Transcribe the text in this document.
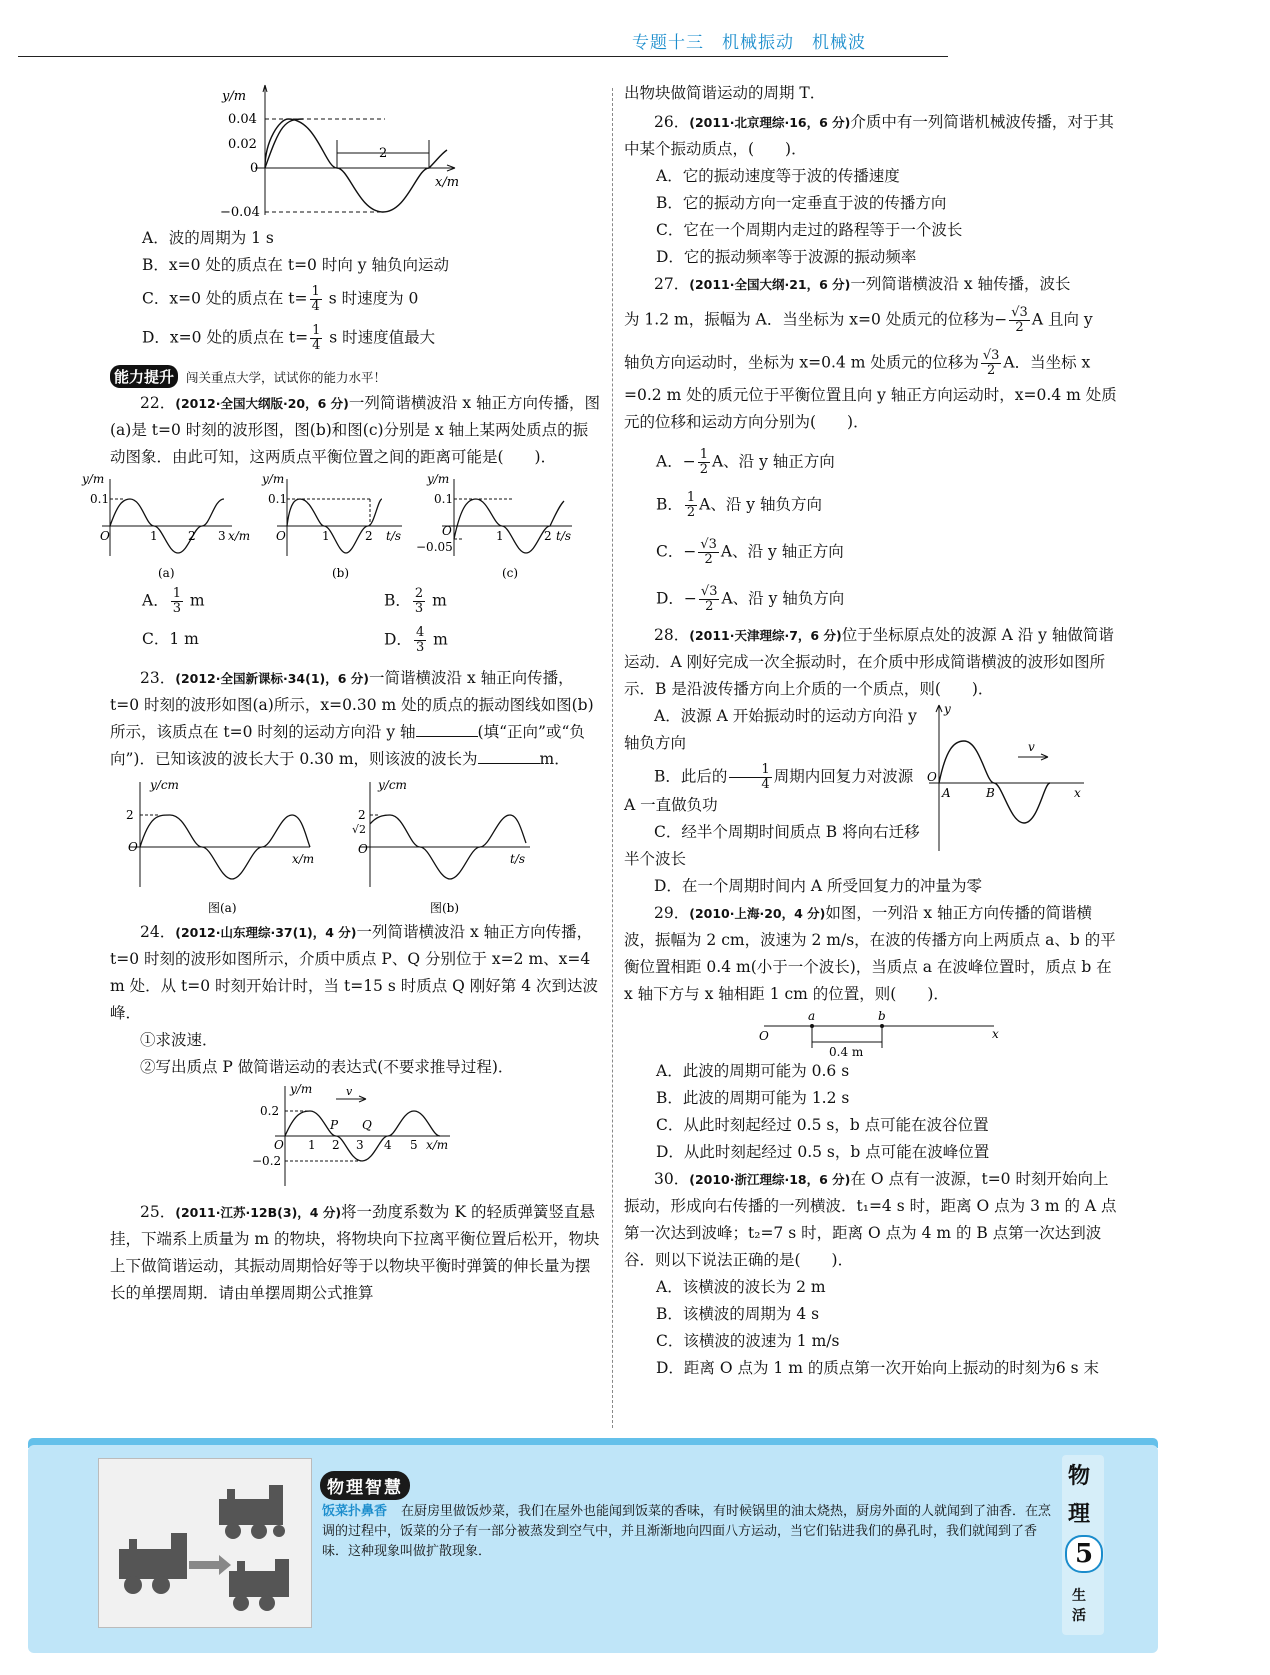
专题十三　机械振动　机械波
y/m
0.04
0.02
0
−0.04
x/m
2

A．波的周期为 1 s

B．x=0 处的质点在 t=0 时向 y 轴负向运动

C．x=0 处的质点在 $t= \frac{1}{4}$ s 时速度为 0

D．x=0 处的质点在 $t= \frac{1}{4}$ s 时速度值最大

能力提升 闯关重点大学，试试你的能力水平！

22．(2012·全国大纲版·20，6 分)一列简谐横波沿 x 轴正方向传播，图(a)是 t=0 时刻的波形图，图(b)和图(c)分别是 x 轴上某两处质点的振动图象．由此可知，这两质点平衡位置之间的距离可能是(　　)．

y/m
0.1
O	1	2 3 x/m
(a)
y/m
0.1
O	1	2 t/s
(b)
y/m
0.1
O
−0.05
1	2 t/s
(c)

A． $\frac{1}{3}$ m	B． $\frac{2}{3}$ m

C．1 m	D． $\frac{4}{3}$ m

23．(2012·全国新课标·34(1)，6 分)一简谐横波沿 x 轴正向传播，t=0 时刻的波形如图(a)所示，x=0.30 m 处的质点的振动图线如图(b)所示，该质点在 t=0 时刻的运动方向沿 y 轴	(填“正向”或“负向”)．已知该波的波长大于 0.30 m，则该波的波长为	m．

y/cm
2
O
x/m
图(a)
y/cm
2
√2
O
t/s
图(b)

24．(2012·山东理综·37(1)，4 分)一列简谐横波沿 x 轴正方向传播，t=0 时刻的波形如图所示，介质中质点 P、Q 分别位于 x=2 m、x=4 m 处．从 t=0 时刻开始计时，当 t=15 s 时质点 Q 刚好第 4 次到达波峰．

①求波速．

②写出质点 P 做简谐运动的表达式(不要求推导过程)．

y/m	v
0.2
O
−0.2
P Q
1 2 3 4 5 x/m

25．(2011·江苏·12B(3)，4 分)将一劲度系数为 K 的轻质弹簧竖直悬挂，下端系上质量为 m 的物块，将物块向下拉离平衡位置后松开，物块上下做简谐运动，其振动周期恰好等于以物块平衡时弹簧的伸长量为摆长的单摆周期．请由单摆周期公式推算

出物块做简谐运动的周期 T．

26．(2011·北京理综·16，6 分)介质中有一列简谐机械波传播，对于其中某个振动质点，(　　)．

A．它的振动速度等于波的传播速度

B．它的振动方向一定垂直于波的传播方向

C．它在一个周期内走过的路程等于一个波长

D．它的振动频率等于波源的振动频率

27．(2011·全国大纲·21，6 分)一列简谐横波沿 x 轴传播，波长

为 1.2 m，振幅为 A．当坐标为 x=0 处质元的位移为− $\frac{√3}{2}$ A 且向 y

轴负方向运动时，坐标为 x=0.4 m 处质元的位移为 $\frac{√3}{2}$ A．当坐标 x

=0.2 m 处的质元位于平衡位置且向 y 轴正方向运动时，x=0.4 m 处质元的位移和运动方向分别为(　　)．

A．− $\frac{1}{2}$ A、沿 y 轴正方向

B． $\frac{1}{2}$ A、沿 y 轴负方向

C．− $\frac{√3}{2}$ A、沿 y 轴正方向

D．− $\frac{√3}{2}$ A、沿 y 轴负方向

28．(2011·天津理综·7，6 分)位于坐标原点处的波源 A 沿 y 轴做简谐运动．A 刚好完成一次全振动时，在介质中形成简谐横波的波形如图所示．B 是沿波传播方向上介质的一个质点，则(　　)．

A．波源 A 开始振动时的运动方向沿 y 轴负方向

B．此后的 $\frac{1}{4}$ 周期内回复力对波源 A 一直做负功

C．经半个周期时间质点 B 将向右迁移半个波长

y
v
O
A	B	x

D．在一个周期时间内 A 所受回复力的冲量为零

29．(2010·上海·20，4 分)如图，一列沿 x 轴正方向传播的简谐横波，振幅为 2 cm，波速为 2 m/s，在波的传播方向上两质点 a、b 的平衡位置相距 0.4 m(小于一个波长)，当质点 a 在波峰位置时，质点 b 在 x 轴下方与 x 轴相距 1 cm 的位置，则(　　)．

O
a	b
x
0.4 m

A．此波的周期可能为 0.6 s

B．此波的周期可能为 1.2 s

C．从此时刻起经过 0.5 s，b 点可能在波谷位置

D．从此时刻起经过 0.5 s，b 点可能在波峰位置

30．(2010·浙江理综·18，6 分)在 O 点有一波源，t=0 时刻开始向上振动，形成向右传播的一列横波．t₁=4 s 时，距离 O 点为 3 m 的 A 点第一次达到波峰；t₂=7 s 时，距离 O 点为 4 m 的 B 点第一次达到波谷．则以下说法正确的是(　　)．

A．该横波的波长为 2 m

B．该横波的周期为 4 s

C．该横波的波速为 1 m/s

D．距离 O 点为 1 m 的质点第一次开始向上振动的时刻为6 s 末

物理智慧
饭菜扑鼻香 在厨房里做饭炒菜，我们在屋外也能闻到饭菜的香味，有时候锅里的油太烧热，厨房外面的人就闻到了油香．在烹调的过程中，饭菜的分子有一部分被蒸发到空气中，并且渐渐地向四面八方运动，当它们钻进我们的鼻孔时，我们就闻到了香味．这种现象叫做扩散现象．
物
理
5
生
活
